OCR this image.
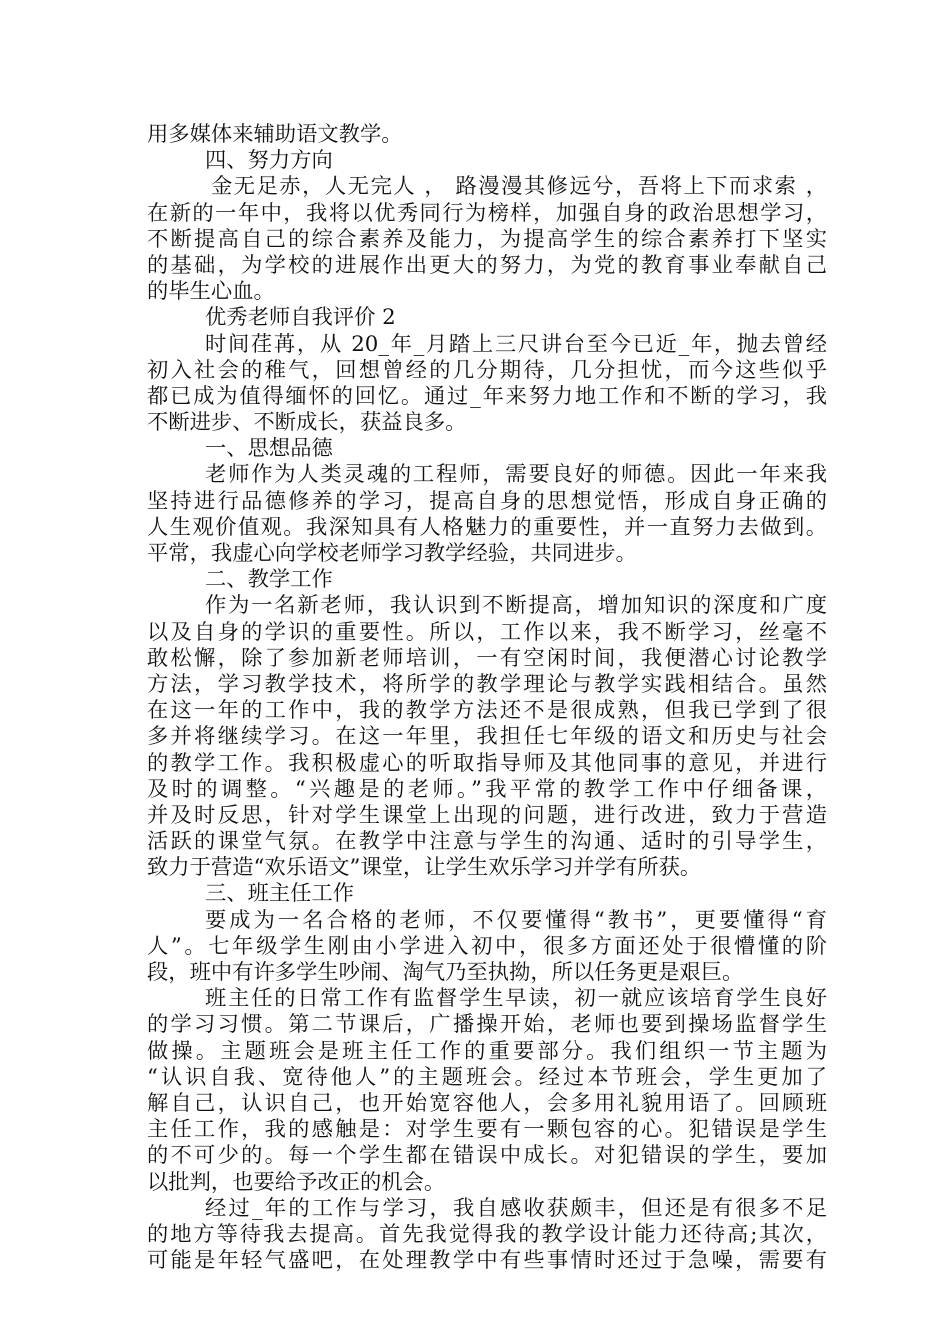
用多媒体来辅助语文教学。
四、努力方向
金无足赤，人无完人 ， 路漫漫其修远兮，吾将上下而求索 ，
在新的一年中，我将以优秀同行为榜样，加强自身的政治思想学习，
不断提高自己的综合素养及能力，为提高学生的综合素养打下坚实
的基础，为学校的进展作出更大的努力，为党的教育事业奉献自己
的毕生心血。
优秀老师自我评价 2
时间荏苒，从 20_年_月踏上三尺讲台至今已近_年，抛去曾经
初入社会的稚气，回想曾经的几分期待，几分担忧，而今这些似乎
都已成为值得缅怀的回忆。通过_年来努力地工作和不断的学习，我
不断进步、不断成长，获益良多。
一、思想品德
老师作为人类灵魂的工程师，需要良好的师德。因此一年来我
坚持进行品德修养的学习，提高自身的思想觉悟，形成自身正确的
人生观价值观。我深知具有人格魅力的重要性，并一直努力去做到。
平常，我虚心向学校老师学习教学经验，共同进步。
二、教学工作
作为一名新老师，我认识到不断提高，增加知识的深度和广度
以及自身的学识的重要性。所以，工作以来，我不断学习，丝毫不
敢松懈，除了参加新老师培训，一有空闲时间，我便潜心讨论教学
方法，学习教学技术，将所学的教学理论与教学实践相结合。虽然
在这一年的工作中，我的教学方法还不是很成熟，但我已学到了很
多并将继续学习。在这一年里，我担任七年级的语文和历史与社会
的教学工作。我积极虚心的听取指导师及其他同事的意见，并进行
及时的调整。“兴趣是的老师。”我平常的教学工作中仔细备课，
并及时反思，针对学生课堂上出现的问题，进行改进，致力于营造
活跃的课堂气氛。在教学中注意与学生的沟通、适时的引导学生，
致力于营造“欢乐语文”课堂，让学生欢乐学习并学有所获。
三、班主任工作
要成为一名合格的老师，不仅要懂得“教书”，更要懂得“育
人”。七年级学生刚由小学进入初中，很多方面还处于很懵懂的阶
段，班中有许多学生吵闹、淘气乃至执拗，所以任务更是艰巨。
班主任的日常工作有监督学生早读，初一就应该培育学生良好
的学习习惯。第二节课后，广播操开始，老师也要到操场监督学生
做操。主题班会是班主任工作的重要部分。我们组织一节主题为
“认识自我、宽待他人”的主题班会。经过本节班会，学生更加了
解自己，认识自己，也开始宽容他人，会多用礼貌用语了。回顾班
主任工作，我的感触是：对学生要有一颗包容的心。犯错误是学生
的不可少的。每一个学生都在错误中成长。对犯错误的学生，要加
以批判，也要给予改正的机会。
经过_年的工作与学习，我自感收获颇丰，但还是有很多不足
的地方等待我去提高。首先我觉得我的教学设计能力还待高;其次，
可能是年轻气盛吧，在处理教学中有些事情时还过于急噪，需要有
